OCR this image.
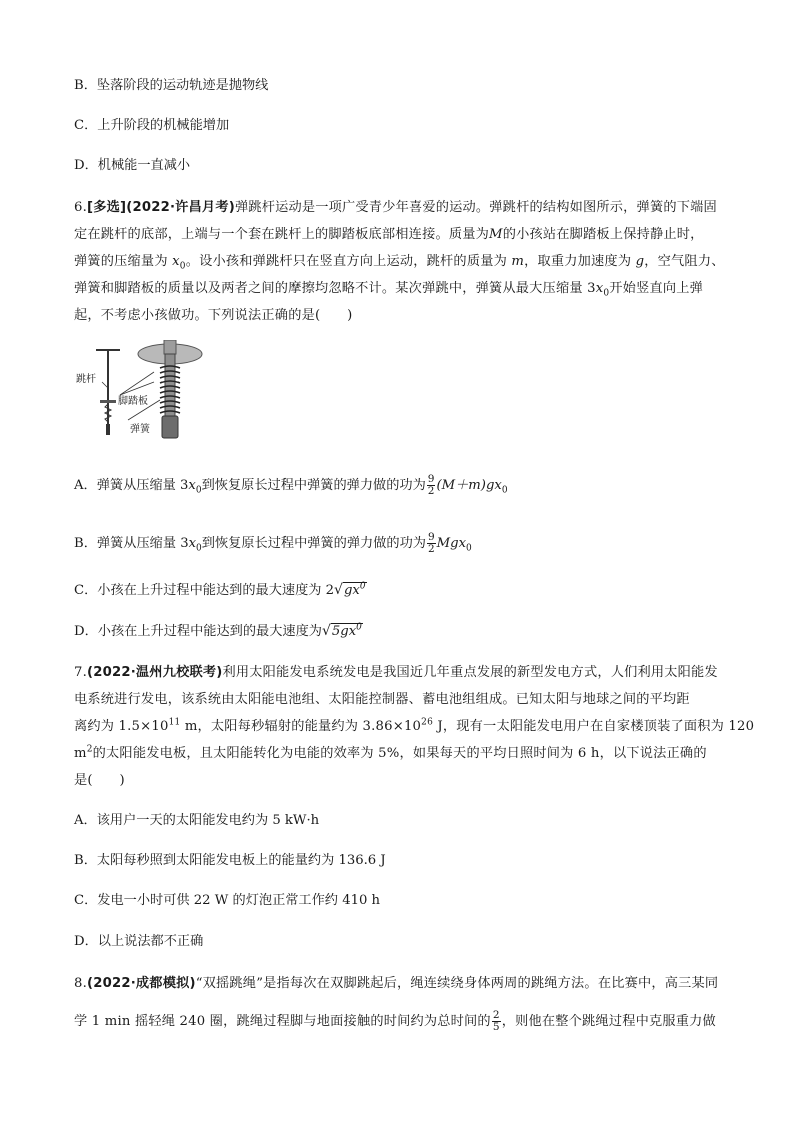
B．坠落阶段的运动轨迹是抛物线
C．上升阶段的机械能增加
D．机械能一直减小
6.[多选](2022·许昌月考)弹跳杆运动是一项广受青少年喜爱的运动。弹跳杆的结构如图所示，弹簧的下端固
定在跳杆的底部，上端与一个套在跳杆上的脚踏板底部相连接。质量为M的小孩站在脚踏板上保持静止时，
弹簧的压缩量为 $x_0$。设小孩和弹跳杆只在竖直方向上运动，跳杆的质量为 m，取重力加速度为 g，空气阻力、
弹簧和脚踏板的质量以及两者之间的摩擦均忽略不计。某次弹跳中，弹簧从最大压缩量 $3x_0$开始竖直向上弹
起，不考虑小孩做功。下列说法正确的是(　　)
跳杆
脚踏板
弹簧
A．弹簧从压缩量 $3x_0$到恢复原长过程中弹簧的弹力做的功为 $\frac{9}{2} (M+m)gx_0$
B．弹簧从压缩量 $3x_0$到恢复原长过程中弹簧的弹力做的功为 $\frac{9}{2} Mgx_0$
C．小孩在上升过程中能达到的最大速度为 $2√gx^0$
D．小孩在上升过程中能达到的最大速度为$√5gx^0$
7.(2022·温州九校联考)利用太阳能发电系统发电是我国近几年重点发展的新型发电方式，人们利用太阳能发
电系统进行发电，该系统由太阳能电池组、太阳能控制器、蓄电池组组成。已知太阳与地球之间的平均距
离约为 $1.5\times 10^{11}$ m，太阳每秒辐射的能量约为 $3.86\times 10^{26}$ J，现有一太阳能发电用户在自家楼顶装了面积为 120
$m^2$的太阳能发电板，且太阳能转化为电能的效率为 5%，如果每天的平均日照时间为 6 h，以下说法正确的
是(　　)
A．该用户一天的太阳能发电约为 5 kW·h
B．太阳每秒照到太阳能发电板上的能量约为 136.6 J
C．发电一小时可供 22 W 的灯泡正常工作约 410 h
D．以上说法都不正确
8.(2022·成都模拟)“双摇跳绳”是指每次在双脚跳起后，绳连续绕身体两周的跳绳方法。在比赛中，高三某同
学 1 min 摇轻绳 240 圈，跳绳过程脚与地面接触的时间约为总时间的 $\frac{2}{5}$ ，则他在整个跳绳过程中克服重力做
